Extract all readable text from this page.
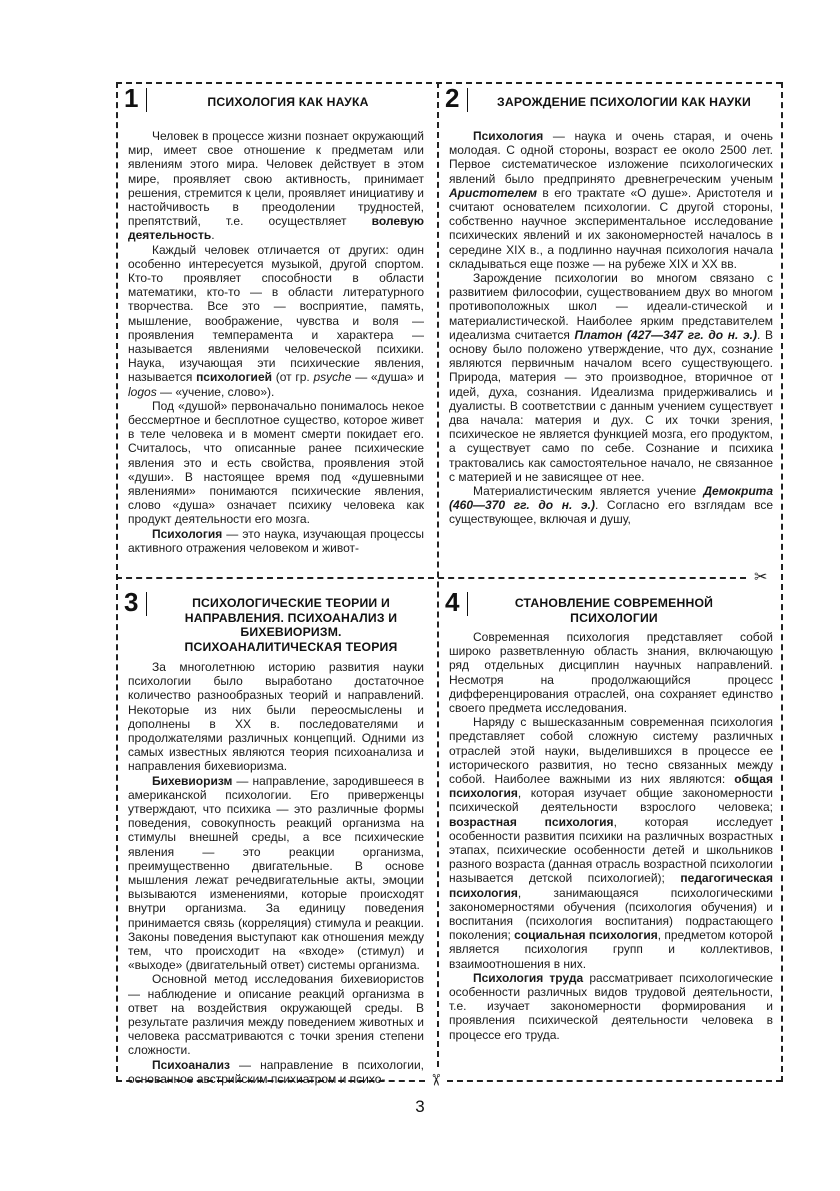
✂
✂
1	ПСИХОЛОГИЯ КАК НАУКА

Человек в процессе жизни познает окружающий мир, имеет свое отношение к предметам или явлениям этого мира. Человек действует в этом мире, проявляет свою активность, принимает решения, стремится к цели, проявляет инициативу и настойчивость в преодолении трудностей, препятствий, т.е. осуществляет волевую деятельность.

Каждый человек отличается от других: один особенно интересуется музыкой, другой спортом. Кто-то проявляет способности в области математики, кто-то — в области литературного творчества. Все это — восприятие, память, мышление, воображение, чувства и воля — проявления темперамента и характера — называется явлениями человеческой психики. Наука, изучающая эти психические явления, называется психологией (от гр. psyche — «душа» и logos — «учение, слово»).

Под «душой» первоначально понималось некое бессмертное и бесплотное существо, которое живет в теле человека и в момент смерти покидает его. Считалось, что описанные ранее психические явления это и есть свойства, проявления этой «души». В настоящее время под «душевными явлениями» понимаются психические явления, слово «душа» означает психику человека как продукт деятельности его мозга.

Психология — это наука, изучающая процессы активного отражения человеком и живот-

2	ЗАРОЖДЕНИЕ ПСИХОЛОГИИ КАК НАУКИ

Психология — наука и очень старая, и очень молодая. С одной стороны, возраст ее около 2500 лет. Первое систематическое изложение психологических явлений было предпринято древнегреческим ученым Аристотелем в его трактате «О душе». Аристотеля и считают основателем психологии. С другой стороны, собственно научное экспериментальное исследование психических явлений и их закономерностей началось в середине XIX в., а подлинно научная психология начала складываться еще позже — на рубеже XIX и XX вв.

Зарождение психологии во многом связано с развитием философии, существованием двух во многом противоположных школ — идеали-стической и материалистической. Наиболее ярким представителем идеализма считается Платон (427—347 гг. до н. э.). В основу было положено утверждение, что дух, сознание являются первичным началом всего существующего. Природа, материя — это производное, вторичное от идей, духа, сознания. Идеализма придерживались и дуалисты. В соответствии с данным учением существует два начала: материя и дух. С их точки зрения, психическое не является функцией мозга, его продуктом, а существует само по себе. Сознание и психика трактовались как самостоятельное начало, не связанное с материей и не зависящее от нее.

Материалистическим является учение Демокрита (460—370 гг. до н. э.). Согласно его взглядам все существующее, включая и душу,

3	ПСИХОЛОГИЧЕСКИЕ ТЕОРИИ И НАПРАВЛЕНИЯ. ПСИХОАНАЛИЗ И БИХЕВИОРИЗМ. ПСИХОАНАЛИТИЧЕСКАЯ ТЕОРИЯ

За многолетнюю историю развития науки психологии было выработано достаточное количество разнообразных теорий и направлений. Некоторые из них были переосмыслены и дополнены в XX в. последователями и продолжателями различных концепций. Одними из самых известных являются теория психоанализа и направления бихевиоризма.

Бихевиоризм — направление, зародившееся в американской психологии. Его приверженцы утверждают, что психика — это различные формы поведения, совокупность реакций организма на стимулы внешней среды, а все психические явления — это реакции организма, преимущественно двигательные. В основе мышления лежат речедвигательные акты, эмоции вызываются изменениями, которые происходят внутри организма. За единицу поведения принимается связь (корреляция) стимула и реакции. Законы поведения выступают как отношения между тем, что происходит на «входе» (стимул) и «выходе» (двигательный ответ) системы организма.

Основной метод исследования бихевиористов — наблюдение и описание реакций организма в ответ на воздействия окружающей среды. В результате различия между поведением животных и человека рассматриваются с точки зрения степени сложности.

Психоанализ — направление в психологии, основанное австрийским психиатром и психо-

4	СТАНОВЛЕНИЕ СОВРЕМЕННОЙ ПСИХОЛОГИИ

Современная психология представляет собой широко разветвленную область знания, включающую ряд отдельных дисциплин научных направлений. Несмотря на продолжающийся процесс дифференцирования отраслей, она сохраняет единство своего предмета исследования.

Наряду с вышесказанным современная психология представляет собой сложную систему различных отраслей этой науки, выделившихся в процессе ее исторического развития, но тесно связанных между собой. Наиболее важными из них являются: общая психология, которая изучает общие закономерности психической деятельности взрослого человека; возрастная психология, которая исследует особенности развития психики на различных возрастных этапах, психические особенности детей и школьников разного возраста (данная отрасль возрастной психологии называется детской психологией); педагогическая психология, занимающаяся психологическими закономерностями обучения (психология обучения) и воспитания (психология воспитания) подрастающего поколения; социальная психология, предметом которой является психология групп и коллективов, взаимоотношения в них.

Психология труда рассматривает психологические особенности различных видов трудовой деятельности, т.е. изучает закономерности формирования и проявления психической деятельности человека в процессе его труда.

3
